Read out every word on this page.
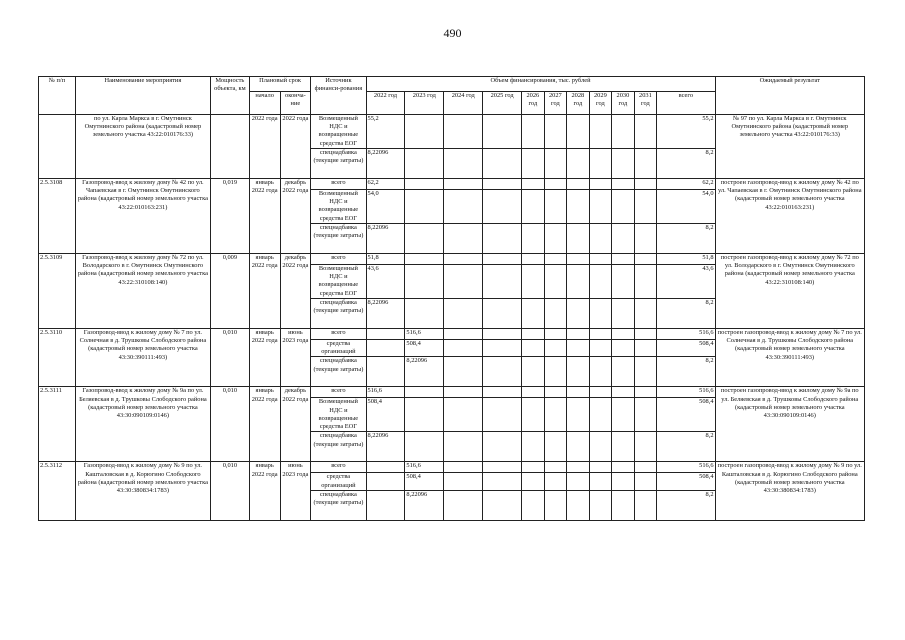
490
№ п/п	Наименование мероприятия	Мощность объекта, км	Плановый срок		Источник финанси-рования	Объем финансирования, тыс. рублей											Ожидаемый результат
			начало	оконча-ние		2022 год	2023 год	2024 год	2025 год	2026 год	2027 год	2028 год	2029 год	2030 год	2031 год	всего	
	по ул. Карла Маркса в г. Омутнинск Омутнинского района (кадастровый номер земельного участка 43:22:010176:33)		2022 года	2022 года	Возмещенный НДС и возвращенные средства ЕОГ	55,2										55,2	№ 97 по ул. Карла Маркса в г. Омутнинск Омутнинского района (кадастровый номер земельного участка 43:22:010176:33)
					спецнадбавка (текущие затраты)	8,22096										8,2	
2.5.3108	Газопровод-ввод к жилому дому № 42 по ул. Чапаевская в г. Омутнинск Омутнинского района (кадастровый номер земельного участка 43:22:010163:231)	0,019	январь 2022 года	декабрь 2022 года	всего	62,2										62,2	построен газопровод-ввод к жилому дому № 42 по ул. Чапаевская в г. Омутнинск Омутнинского района (кадастровый номер земельного участка 43:22:010163:231)
					Возмещенный НДС и возвращенные средства ЕОГ	54,0										54,0	
					спецнадбавка (текущие затраты)	8,22096										8,2	
2.5.3109	Газопровод-ввод к жилому дому № 72 по ул. Володарского в г. Омутнинск Омутнинского района (кадастровый номер земельного участка 43:22:310108:140)	0,009	январь 2022 года	декабрь 2022 года	всего	51,8										51,8	построен газопровод-ввод к жилому дому № 72 по ул. Володарского в г. Омутнинск Омутнинского района (кадастровый номер земельного участка 43:22:310108:140)
					Возмещенный НДС и возвращенные средства ЕОГ	43,6										43,6	
					спецнадбавка (текущие затраты)	8,22096										8,2	
2.5.3110	Газопровод-ввод к жилому дому № 7 по ул. Солнечная в д. Трушковы Слободского района (кадастровый номер земельного участка 43:30:390111:493)	0,010	январь 2022 года	июнь 2023 года	всего		516,6									516,6	построен газопровод-ввод к жилому дому № 7 по ул. Солнечная в д. Трушковы Слободского района (кадастровый номер земельного участка 43:30:390111:493)
					средства организаций		508,4									508,4	
					спецнадбавка (текущие затраты)		8,22096									8,2	
2.5.3111	Газопровод-ввод к жилому дому № 9а по ул. Беляевская в д. Трушковы Слободского района (кадастровый номер земельного участка 43:30:090109:0146)	0,010	январь 2022 года	декабрь 2022 года	всего	516,6										516,6	построен газопровод-ввод к жилому дому № 9а по ул. Беляевская в д. Трушковы Слободского района (кадастровый номер земельного участка 43:30:090109:0146)
					Возмещенный НДС и возвращенные средства ЕОГ	508,4										508,4	
					спецнадбавка (текущие затраты)	8,22096										8,2	
2.5.3112	Газопровод-ввод к жилому дому № 9 по ул. Кашталовская в д. Корюгино Слободского района (кадастровый номер земельного участка 43:30:380834:1783)	0,010	январь 2022 года	июнь 2023 года	всего		516,6									516,6	построен газопровод-ввод к жилому дому № 9 по ул. Кашталовская в д. Корюгино Слободского района (кадастровый номер земельного участка 43:30:380834:1783)
					средства организаций		508,4									508,4	
					спецнадбавка (текущие затраты)		8,22096									8,2	
